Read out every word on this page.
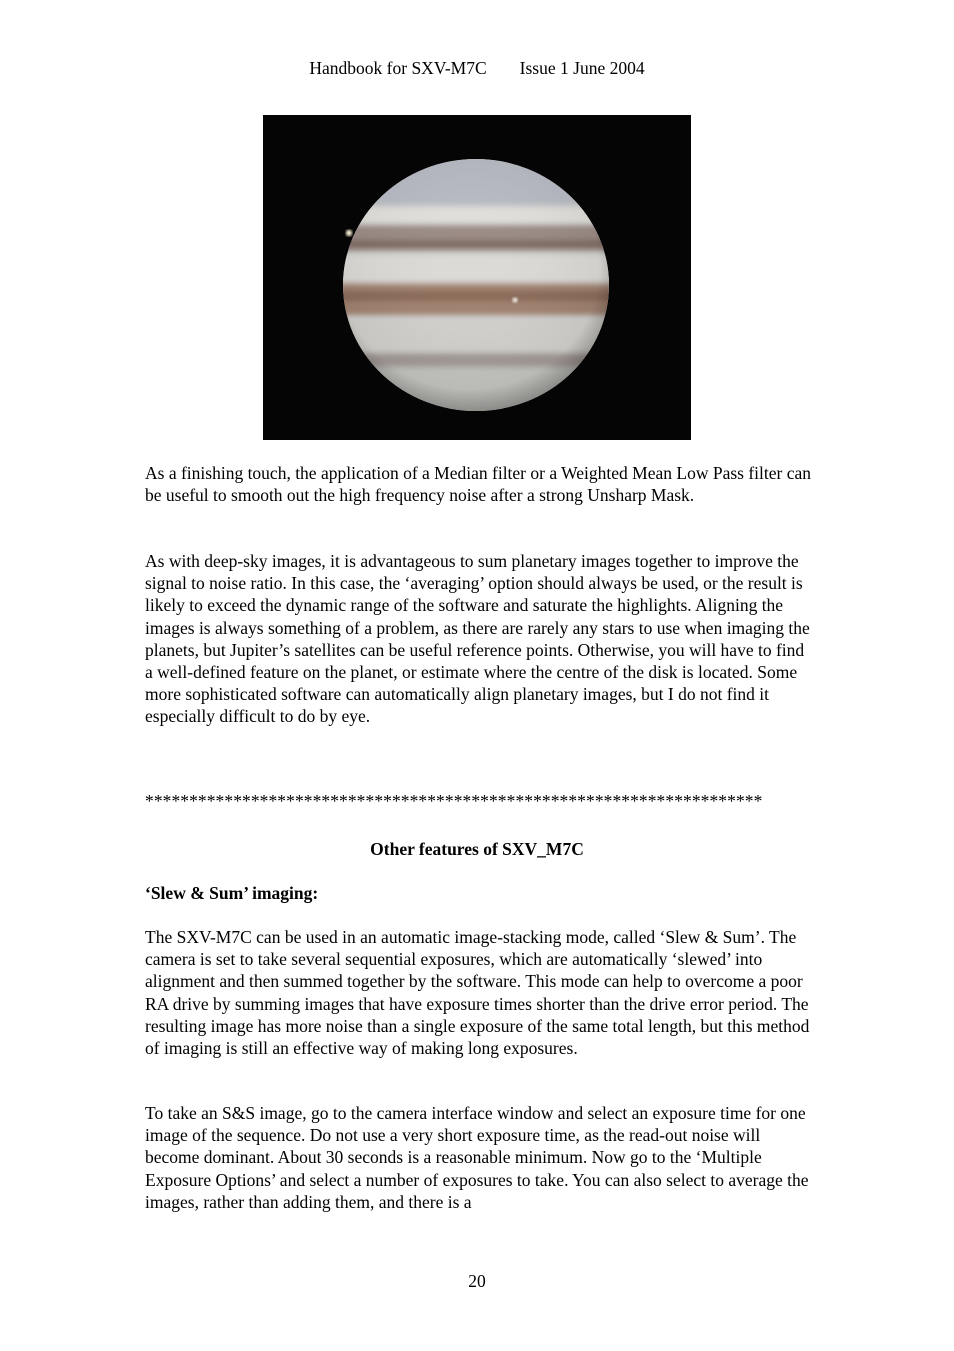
Handbook for SXV-M7C Issue 1 June 2004

As a finishing touch, the application of a Median filter or a Weighted Mean Low Pass filter can be useful to smooth out the high frequency noise after a strong Unsharp Mask.

As with deep-sky images, it is advantageous to sum planetary images together to improve the signal to noise ratio. In this case, the ‘averaging’ option should always be used, or the result is likely to exceed the dynamic range of the software and saturate the highlights. Aligning the images is always something of a problem, as there are rarely any stars to use when imaging the planets, but Jupiter’s satellites can be useful reference points. Otherwise, you will have to find a well-defined feature on the planet, or estimate where the centre of the disk is located. Some more sophisticated software can automatically align planetary images, but I do not find it especially difficult to do by eye.

**********************************************************************
Other features of SXV_M7C
‘Slew & Sum’ imaging:

The SXV-M7C can be used in an automatic image-stacking mode, called ‘Slew & Sum’. The camera is set to take several sequential exposures, which are automatically ‘slewed’ into alignment and then summed together by the software. This mode can help to overcome a poor RA drive by summing images that have exposure times shorter than the drive error period. The resulting image has more noise than a single exposure of the same total length, but this method of imaging is still an effective way of making long exposures.

To take an S&S image, go to the camera interface window and select an exposure time for one image of the sequence. Do not use a very short exposure time, as the read-out noise will become dominant. About 30 seconds is a reasonable minimum. Now go to the ‘Multiple Exposure Options’ and select a number of exposures to take. You can also select to average the images, rather than adding them, and there is a

20
